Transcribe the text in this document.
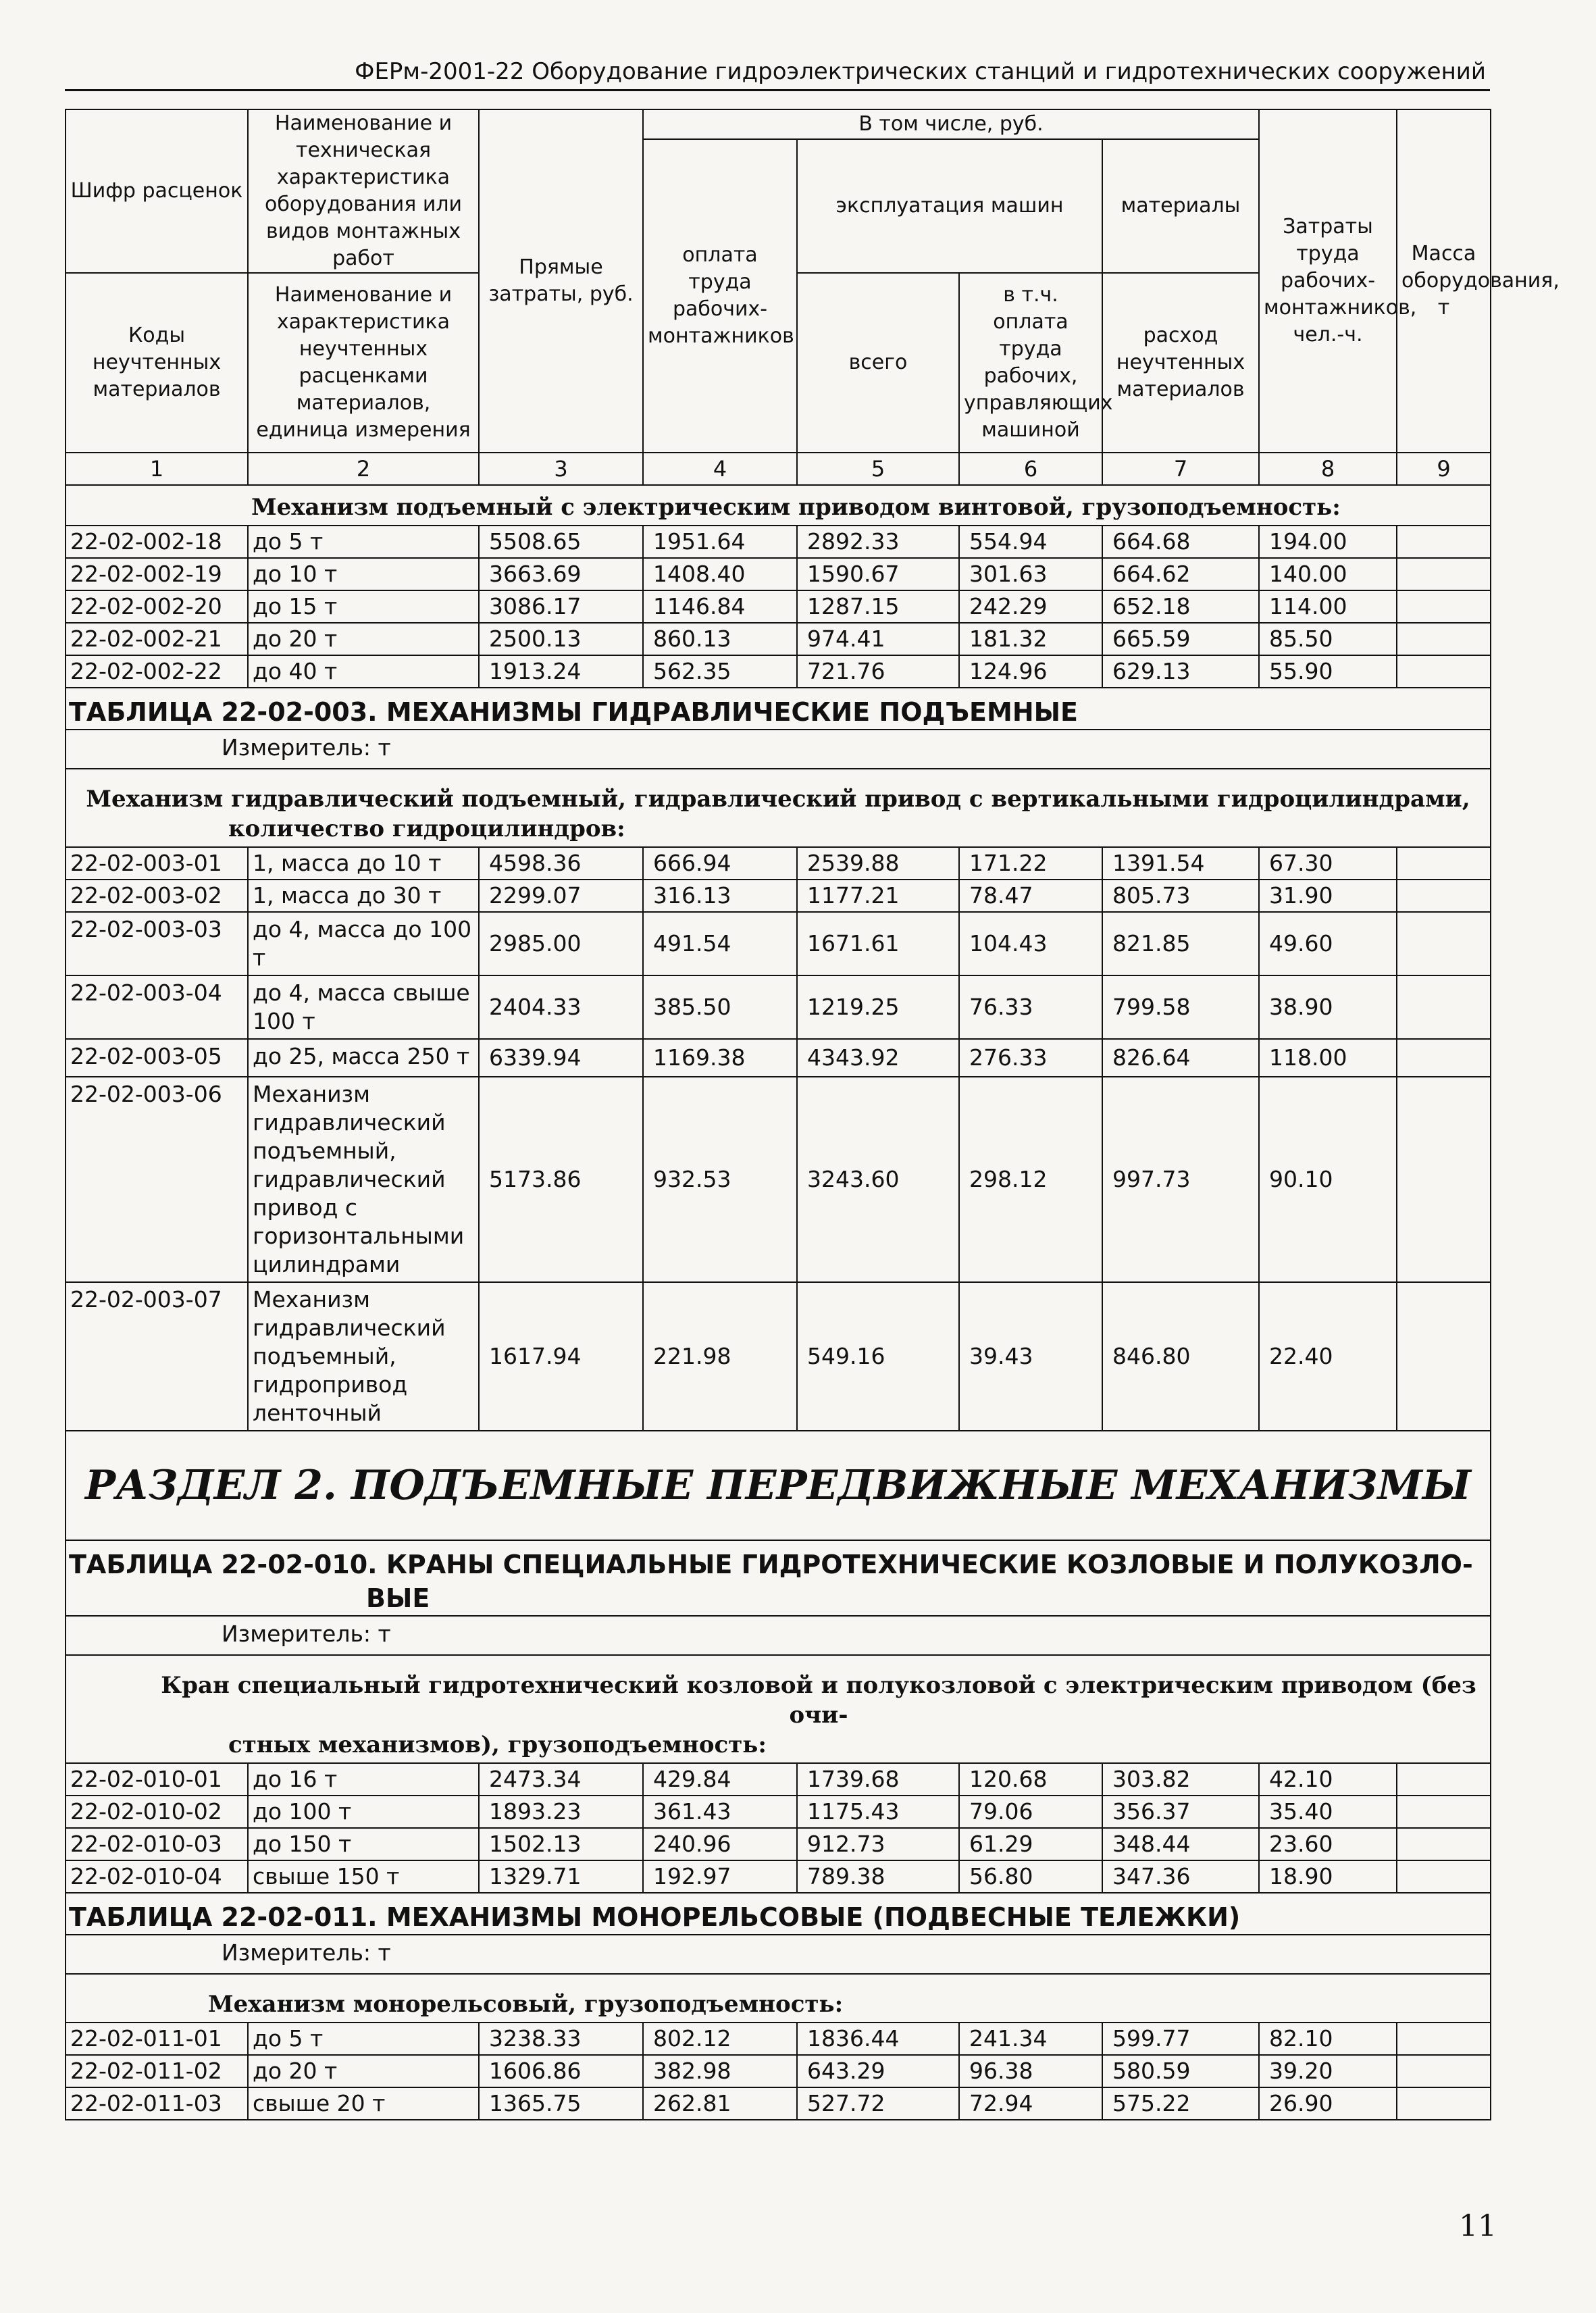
ФЕРм-2001-22 Оборудование гидроэлектрических станций и гидротехнических сооружений
Шифр расценок	Наименование и техническая характеристика оборудования или видов монтажных работ	Прямые затраты, руб.	В том числе, руб.				Затраты труда рабочих-монтажников, чел.-ч.	Масса оборудования, т
			оплата труда рабочих-монтажников	эксплуатация машин		материалы		
Коды неучтенных материалов	Наименование и характеристика неучтенных расценками материалов, единица измерения			всего	в т.ч. оплата труда рабочих, управляющих машиной	расход неучтенных материалов		

1	2	3	4	5	6	7	8	9

Механизм подъемный с электрическим приводом винтовой, грузоподъемность:								

22-02-002-18	до 5 т	5508.65	1951.64	2892.33	554.94	664.68	194.00	
22-02-002-19	до 10 т	3663.69	1408.40	1590.67	301.63	664.62	140.00	
22-02-002-20	до 15 т	3086.17	1146.84	1287.15	242.29	652.18	114.00	
22-02-002-21	до 20 т	2500.13	860.13	974.41	181.32	665.59	85.50	
22-02-002-22	до 40 т	1913.24	562.35	721.76	124.96	629.13	55.90	
ТАБЛИЦА 22-02-003. МЕХАНИЗМЫ ГИДРАВЛИЧЕСКИЕ ПОДЪЕМНЫЕ								
Измеритель: т								

Механизм гидравлический подъемный, гидравлический привод с вертикальными гидроцилиндрами,
количество гидроцилиндров:								

22-02-003-01	1, масса до 10 т	4598.36	666.94	2539.88	171.22	1391.54	67.30	
22-02-003-02	1, масса до 30 т	2299.07	316.13	1177.21	78.47	805.73	31.90	
22-02-003-03	до 4, масса до 100 т	2985.00	491.54	1671.61	104.43	821.85	49.60	
22-02-003-04	до 4, масса свыше 100 т	2404.33	385.50	1219.25	76.33	799.58	38.90	
22-02-003-05	до 25, масса 250 т	6339.94	1169.38	4343.92	276.33	826.64	118.00	
22-02-003-06	Механизм гидравлический подъемный, гидравлический привод с горизонтальными цилиндрами	5173.86	932.53	3243.60	298.12	997.73	90.10	
22-02-003-07	Механизм гидравлический подъемный, гидропривод ленточный	1617.94	221.98	549.16	39.43	846.80	22.40	
РАЗДЕЛ 2. ПОДЪЕМНЫЕ ПЕРЕДВИЖНЫЕ МЕХАНИЗМЫ								
ТАБЛИЦА 22-02-010. КРАНЫ СПЕЦИАЛЬНЫЕ ГИДРОТЕХНИЧЕСКИЕ КОЗЛОВЫЕ И ПОЛУКОЗЛО-
ВЫЕ								

Измеритель: т								

Кран специальный гидротехнический козловой и полукозловой с электрическим приводом (без очи-
стных механизмов), грузоподъемность:								

22-02-010-01	до 16 т	2473.34	429.84	1739.68	120.68	303.82	42.10	
22-02-010-02	до 100 т	1893.23	361.43	1175.43	79.06	356.37	35.40	
22-02-010-03	до 150 т	1502.13	240.96	912.73	61.29	348.44	23.60	
22-02-010-04	свыше 150 т	1329.71	192.97	789.38	56.80	347.36	18.90	
ТАБЛИЦА 22-02-011. МЕХАНИЗМЫ МОНОРЕЛЬСОВЫЕ (ПОДВЕСНЫЕ ТЕЛЕЖКИ)								
Измеритель: т								

Механизм монорельсовый, грузоподъемность:								

22-02-011-01	до 5 т	3238.33	802.12	1836.44	241.34	599.77	82.10	
22-02-011-02	до 20 т	1606.86	382.98	643.29	96.38	580.59	39.20	
22-02-011-03	свыше 20 т	1365.75	262.81	527.72	72.94	575.22	26.90	
11
